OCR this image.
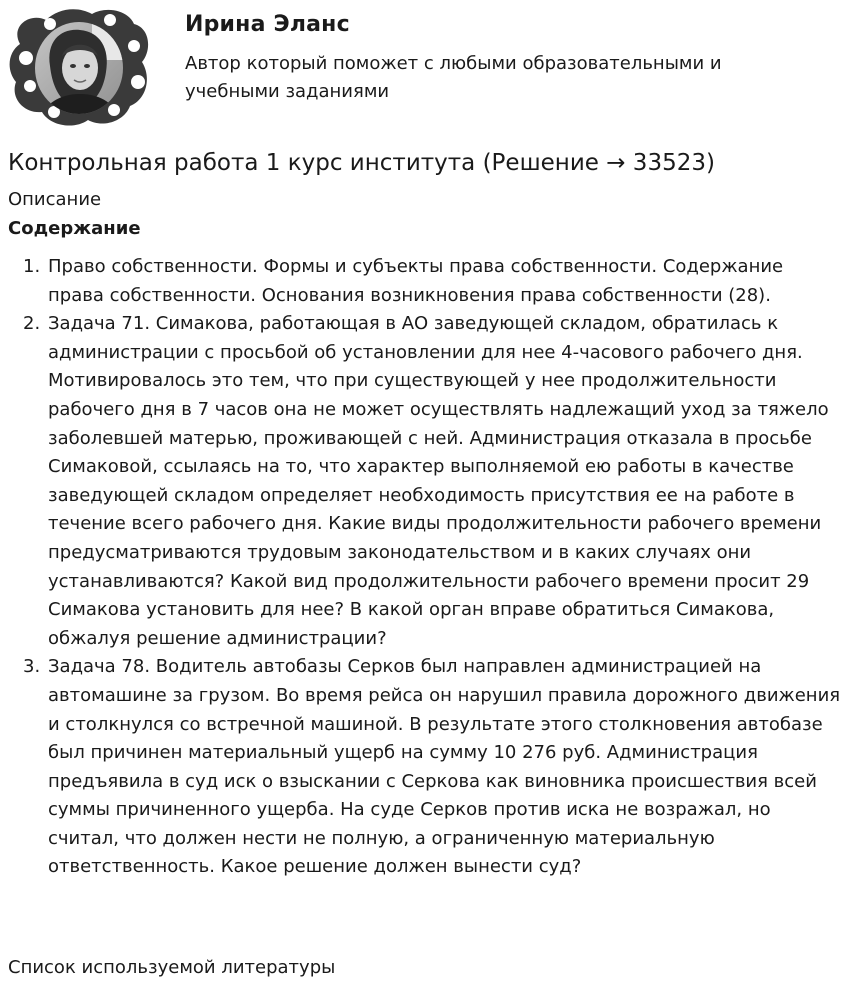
Ирина Эланс
Автор который поможет с любыми образовательными и учебными заданиями
Контрольная работа 1 курс института (Решение → 33523)
Описание
Содержание
1. Право собственности. Формы и субъекты права собственности. Содержание права собственности. Основания возникновения права собственности (28).
2. Задача 71. Симакова, работающая в АО заведующей складом, обратилась к администрации с просьбой об установлении для нее 4-часового рабочего дня. Мотивировалось это тем, что при существующей у нее продолжительности рабочего дня в 7 часов она не может осуществлять надлежащий уход за тяжело заболевшей матерью, проживающей с ней. Администрация отказала в просьбе Симаковой, ссылаясь на то, что характер выполняемой ею работы в качестве заведующей складом определяет необходимость присутствия ее на работе в течение всего рабочего дня. Какие виды продолжительности рабочего времени предусматриваются трудовым законодательством и в каких случаях они устанавливаются? Какой вид продолжительности рабочего времени просит 29 Симакова установить для нее? В какой орган вправе обратиться Симакова, обжалуя решение администрации?
3. Задача 78. Водитель автобазы Серков был направлен администрацией на автомашине за грузом. Во время рейса он нарушил правила дорожного движения и столкнулся со встречной машиной. В результате этого столкновения автобазе был причинен материальный ущерб на сумму 10 276 руб. Администрация предъявила в суд иск о взыскании с Серкова как виновника происшествия всей суммы причиненного ущерба. На суде Серков против иска не возражал, но считал, что должен нести не полную, а ограниченную материальную ответственность. Какое решение должен вынести суд?
Список используемой литературы
